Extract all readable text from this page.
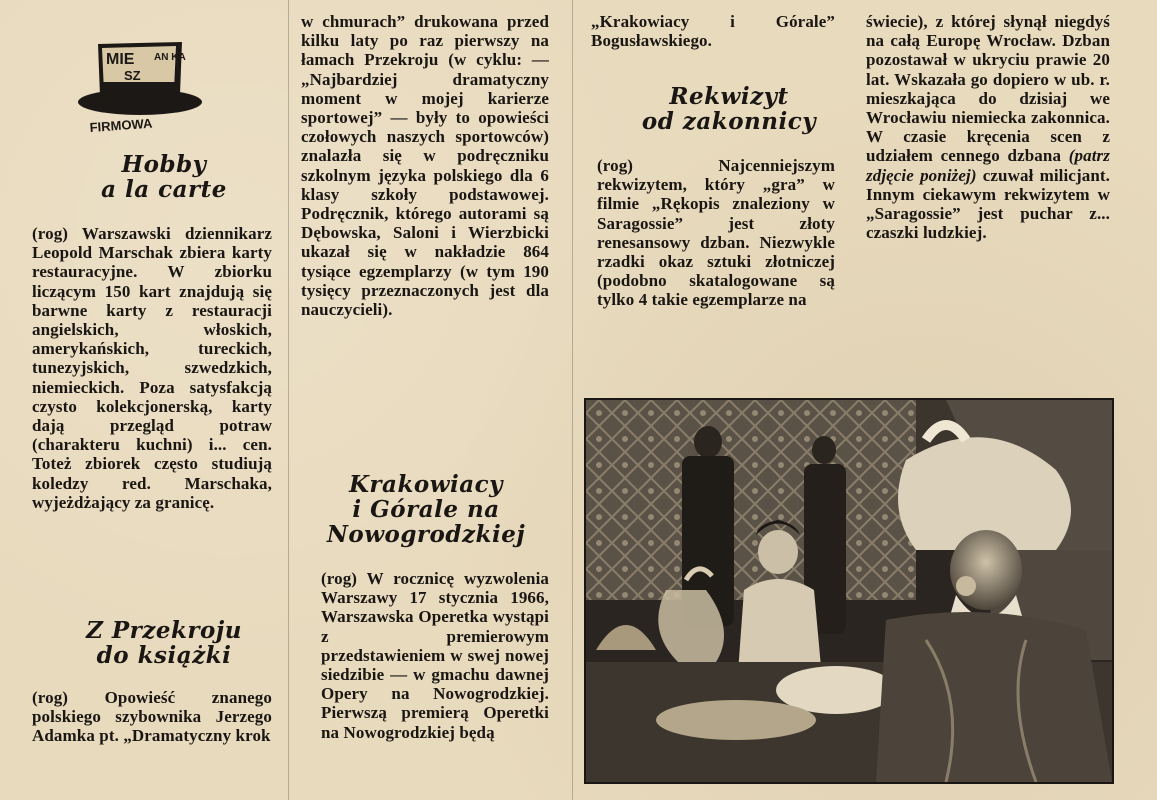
MIE
SZ
AN KA
FIRMOWA

Hobby

a la carte

(rog) Warszawski dziennikarz Leopold Marschak zbiera karty restauracyjne. W zbiorku liczącym 150 kart znajdują się barwne karty z restauracji angielskich, włoskich, amerykańskich, tureckich, tunezyjskich, szwedzkich, niemieckich. Poza satysfakcją czysto kolekcjonerską, karty dają przegląd potraw (charakteru kuchni) i... cen. Toteż zbiorek często studiują koledzy red. Marschaka, wyjeżdżający za granicę.

Z Przekroju

do książki

(rog) Opowieść znanego polskiego szybownika Jerzego Adamka pt. „Dramatyczny krok

w chmurach” drukowana przed kilku laty po raz pierwszy na łamach Przekroju (w cyklu: — „Najbardziej dramatyczny moment w mojej karierze sportowej” — były to opowieści czołowych naszych sportowców) znalazła się w podręczniku szkolnym języka polskiego dla 6 klasy szkoły podstawowej. Podręcznik, którego autorami są Dębowska, Saloni i Wierzbicki ukazał się w nakładzie 864 tysiące egzemplarzy (w tym 190 tysięcy przeznaczonych jest dla nauczycieli).

Krakowiacy

i Górale na

Nowogrodzkiej

(rog) W rocznicę wyzwolenia Warszawy 17 stycznia 1966, Warszawska Operetka wystąpi z premierowym przedstawieniem w swej nowej siedzibie — w gmachu dawnej Opery na Nowogrodzkiej. Pierwszą premierą Operetki na Nowogrodzkiej będą

„Krakowiacy i Górale” Bogusławskiego.

Rekwizyt

od zakonnicy

(rog) Najcenniejszym rekwizytem, który „gra” w filmie „Rękopis znaleziony w Saragossie” jest złoty renesansowy dzban. Niezwykle rzadki okaz sztuki złotniczej (podobno skatalogowane są tylko 4 takie egzemplarze na

świecie), z której słynął niegdyś na całą Europę Wrocław. Dzban pozostawał w ukryciu prawie 20 lat. Wskazała go dopiero w ub. r. mieszkająca do dzisiaj we Wrocławiu niemiecka zakonnica. W czasie kręcenia scen z udziałem cennego dzbana (patrz zdjęcie poniżej) czuwał milicjant. Innym ciekawym rekwizytem w „Saragossie” jest puchar z... czaszki ludzkiej.
